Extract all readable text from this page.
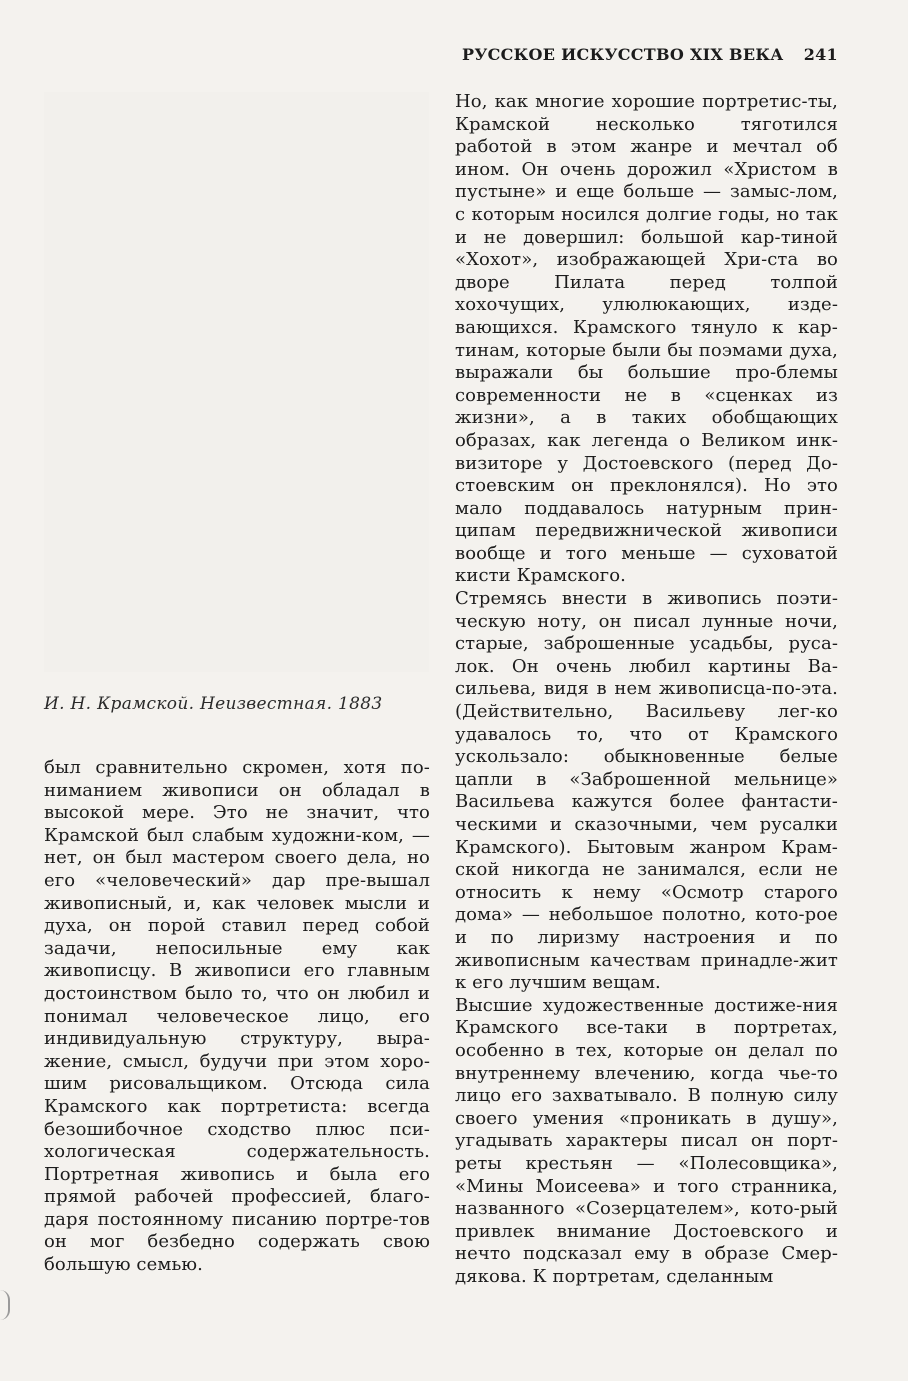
РУССКОЕ ИСКУССТВО XIX ВЕКА 241
И. Н. Крамской. Неизвестная. 1883

был сравнительно скромен, хотя по-ниманием живописи он обладал в высокой мере. Это не значит, что Крамской был слабым художни-ком, — нет, он был мастером своего дела, но его «человеческий» дар пре-вышал живописный, и, как человек мысли и духа, он порой ставил перед собой задачи, непосильные ему как живописцу. В живописи его главным достоинством было то, что он любил и понимал человеческое лицо, его индивидуальную структуру, выра-жение, смысл, будучи при этом хоро-шим рисовальщиком. Отсюда сила Крамского как портретиста: всегда безошибочное сходство плюс пси-хологическая содержательность. Портретная живопись и была его прямой рабочей профессией, благо-даря постоянному писанию портре-тов он мог безбедно содержать свою большую семью.

Но, как многие хорошие портретис-ты, Крамской несколько тяготился работой в этом жанре и мечтал об ином. Он очень дорожил «Христом в пустыне» и еще больше — замыс-лом, с которым носился долгие годы, но так и не довершил: большой кар-тиной «Хохот», изображающей Хри-ста во дворе Пилата перед толпой хохочущих, улюлюкающих, изде-вающихся. Крамского тянуло к кар-тинам, которые были бы поэмами духа, выражали бы большие про-блемы современности не в «сценках из жизни», а в таких обобщающих образах, как легенда о Великом инк-визиторе у Достоевского (перед До-стоевским он преклонялся). Но это мало поддавалось натурным прин-ципам передвижнической живописи вообще и того меньше — суховатой кисти Крамского.

Стремясь внести в живопись поэти-ческую ноту, он писал лунные ночи, старые, заброшенные усадьбы, руса-лок. Он очень любил картины Ва-сильева, видя в нем живописца-по-эта. (Действительно, Васильеву лег-ко удавалось то, что от Крамского ускользало: обыкновенные белые цапли в «Заброшенной мельнице» Васильева кажутся более фантасти-ческими и сказочными, чем русалки Крамского). Бытовым жанром Крам-ской никогда не занимался, если не относить к нему «Осмотр старого дома» — небольшое полотно, кото-рое и по лиризму настроения и по живописным качествам принадле-жит к его лучшим вещам.

Высшие художественные достиже-ния Крамского все-таки в портретах, особенно в тех, которые он делал по внутреннему влечению, когда чье-то лицо его захватывало. В полную силу своего умения «проникать в душу», угадывать характеры писал он порт-реты крестьян — «Полесовщика», «Мины Моисеева» и того странника, названного «Созерцателем», кото-рый привлек внимание Достоевского и нечто подсказал ему в образе Смер-дякова. К портретам, сделанным
